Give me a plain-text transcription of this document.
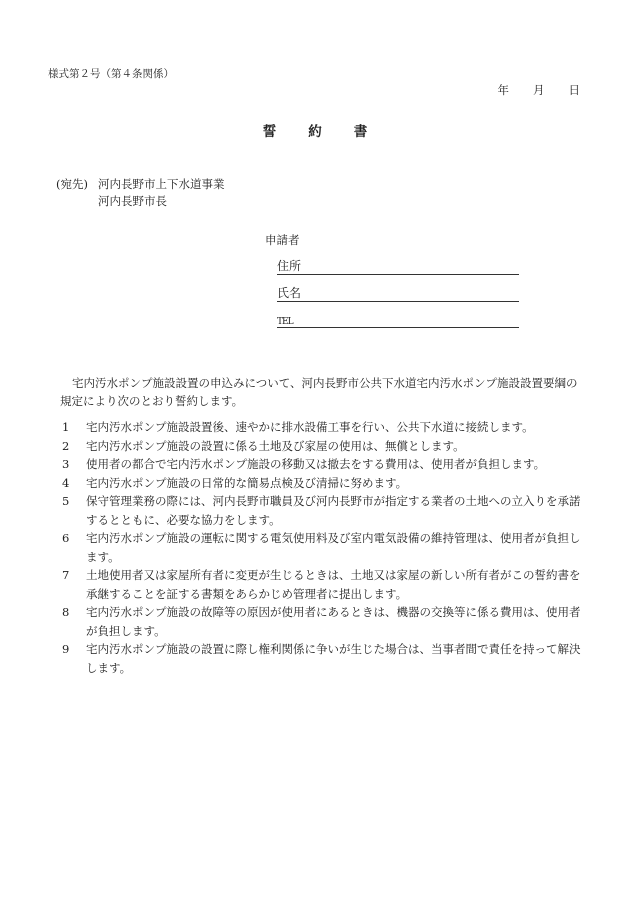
様式第２号（第４条関係）
年 月 日
誓約書
(宛先) 河内長野市上下水道事業
河内長野市長
申請者
住所
氏名
TEL
宅内汚水ポンプ施設設置の申込みについて、河内長野市公共下水道宅内汚水ポンプ施設設置要綱の規定により次のとおり誓約します。
1	宅内汚水ポンプ施設設置後、速やかに排水設備工事を行い、公共下水道に接続します。
2	宅内汚水ポンプ施設の設置に係る土地及び家屋の使用は、無償とします。
3	使用者の都合で宅内汚水ポンプ施設の移動又は撤去をする費用は、使用者が負担します。
4	宅内汚水ポンプ施設の日常的な簡易点検及び清掃に努めます。
5	保守管理業務の際には、河内長野市職員及び河内長野市が指定する業者の土地への立入りを承諾するとともに、必要な協力をします。
6	宅内汚水ポンプ施設の運転に関する電気使用料及び室内電気設備の維持管理は、使用者が負担します。
7	土地使用者又は家屋所有者に変更が生じるときは、土地又は家屋の新しい所有者がこの誓約書を承継することを証する書類をあらかじめ管理者に提出します。
8	宅内汚水ポンプ施設の故障等の原因が使用者にあるときは、機器の交換等に係る費用は、使用者が負担します。
9	宅内汚水ポンプ施設の設置に際し権利関係に争いが生じた場合は、当事者間で責任を持って解決します。
